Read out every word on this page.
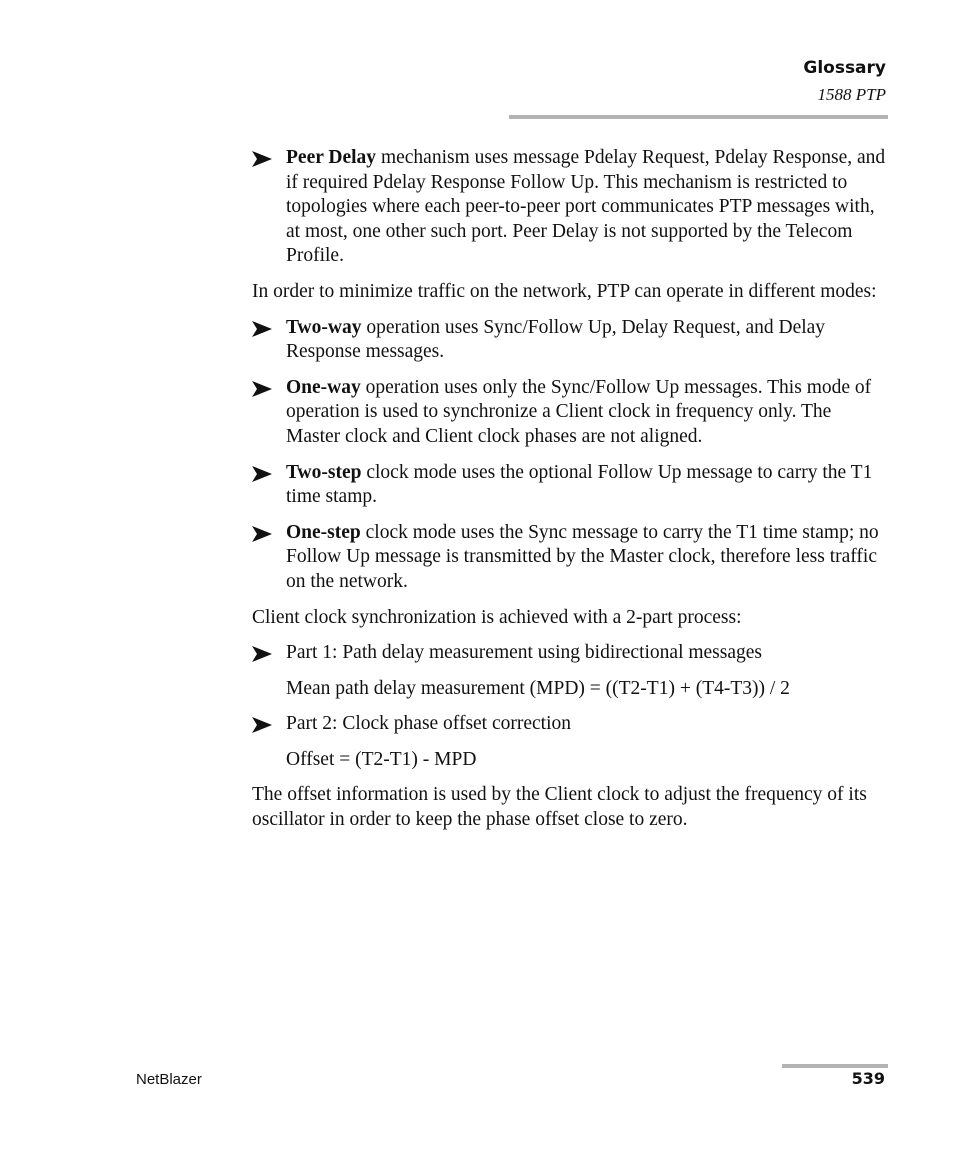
Glossary
1588 PTP
Peer Delay mechanism uses message Pdelay Request, Pdelay Response, and if required Pdelay Response Follow Up. This mechanism is restricted to topologies where each peer-to-peer port communicates PTP messages with, at most, one other such port. Peer Delay is not supported by the Telecom Profile.
In order to minimize traffic on the network, PTP can operate in different modes:
Two-way operation uses Sync/Follow Up, Delay Request, and Delay Response messages.
One-way operation uses only the Sync/Follow Up messages. This mode of operation is used to synchronize a Client clock in frequency only. The Master clock and Client clock phases are not aligned.
Two-step clock mode uses the optional Follow Up message to carry the T1 time stamp.
One-step clock mode uses the Sync message to carry the T1 time stamp; no Follow Up message is transmitted by the Master clock, therefore less traffic on the network.
Client clock synchronization is achieved with a 2-part process:
Part 1: Path delay measurement using bidirectional messages
Mean path delay measurement (MPD) = ((T2-T1) + (T4-T3)) / 2
Part 2: Clock phase offset correction
Offset = (T2-T1) - MPD
The offset information is used by the Client clock to adjust the frequency of its oscillator in order to keep the phase offset close to zero.
NetBlazer	539
